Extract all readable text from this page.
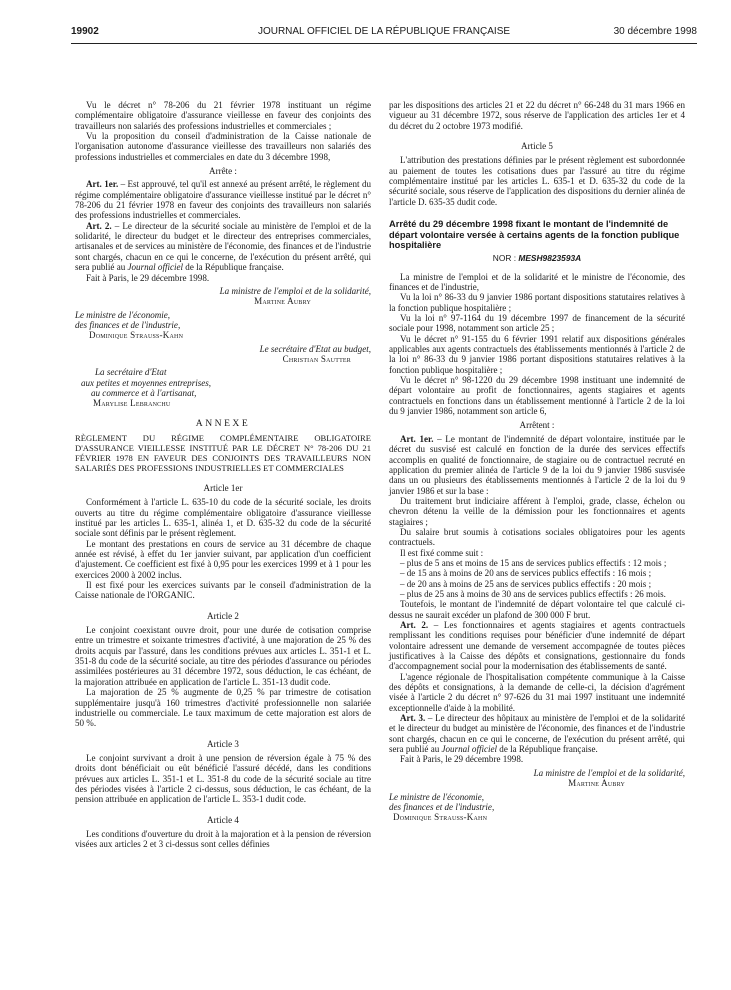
19902	JOURNAL OFFICIEL DE LA RÉPUBLIQUE FRANÇAISE	30 décembre 1998

Vu le décret n° 78-206 du 21 février 1978 instituant un régime complémentaire obligatoire d'assurance vieillesse en faveur des conjoints des travailleurs non salariés des professions industrielles et commerciales ;

Vu la proposition du conseil d'administration de la Caisse nationale de l'organisation autonome d'assurance vieillesse des travailleurs non salariés des professions industrielles et commerciales en date du 3 décembre 1998,

Arrête :

Art. 1er. – Est approuvé, tel qu'il est annexé au présent arrêté, le règlement du régime complémentaire obligatoire d'assurance vieillesse institué par le décret n° 78-206 du 21 février 1978 en faveur des conjoints des travailleurs non salariés des professions industrielles et commerciales.

Art. 2. – Le directeur de la sécurité sociale au ministère de l'emploi et de la solidarité, le directeur du budget et le directeur des entreprises commerciales, artisanales et de services au ministère de l'économie, des finances et de l'industrie sont chargés, chacun en ce qui le concerne, de l'exécution du présent arrêté, qui sera publié au Journal officiel de la République française.

Fait à Paris, le 29 décembre 1998.

La ministre de l'emploi et de la solidarité,

Martine Aubry

Le ministre de l'économie,

des finances et de l'industrie,

Dominique Strauss-Kahn

Le secrétaire d'Etat au budget,

Christian Sautter

La secrétaire d'Etat

aux petites et moyennes entreprises,

au commerce et à l'artisanat,

Marylise Lebranchu

ANNEXE

RÈGLEMENT DU RÉGIME COMPLÉMENTAIRE OBLIGATOIRE D'ASSURANCE VIEILLESSE INSTITUÉ PAR LE DÉCRET N° 78-206 DU 21 FÉVRIER 1978 EN FAVEUR DES CONJOINTS DES TRAVAILLEURS NON SALARIÉS DES PROFESSIONS INDUSTRIELLES ET COMMERCIALES

Article 1er

Conformément à l'article L. 635-10 du code de la sécurité sociale, les droits ouverts au titre du régime complémentaire obligatoire d'assurance vieillesse institué par les articles L. 635-1, alinéa 1, et D. 635-32 du code de la sécurité sociale sont définis par le présent règlement.

Le montant des prestations en cours de service au 31 décembre de chaque année est révisé, à effet du 1er janvier suivant, par application d'un coefficient d'ajustement. Ce coefficient est fixé à 0,95 pour les exercices 1999 et à 1 pour les exercices 2000 à 2002 inclus.

Il est fixé pour les exercices suivants par le conseil d'administration de la Caisse nationale de l'ORGANIC.

Article 2

Le conjoint coexistant ouvre droit, pour une durée de cotisation comprise entre un trimestre et soixante trimestres d'activité, à une majoration de 25 % des droits acquis par l'assuré, dans les conditions prévues aux articles L. 351-1 et L. 351-8 du code de la sécurité sociale, au titre des périodes d'assurance ou périodes assimilées postérieures au 31 décembre 1972, sous déduction, le cas échéant, de la majoration attribuée en application de l'article L. 351-13 dudit code.

La majoration de 25 % augmente de 0,25 % par trimestre de cotisation supplémentaire jusqu'à 160 trimestres d'activité professionnelle non salariée industrielle ou commerciale. Le taux maximum de cette majoration est alors de 50 %.

Article 3

Le conjoint survivant a droit à une pension de réversion égale à 75 % des droits dont bénéficiait ou eût bénéficié l'assuré décédé, dans les conditions prévues aux articles L. 351-1 et L. 351-8 du code de la sécurité sociale au titre des périodes visées à l'article 2 ci-dessus, sous déduction, le cas échéant, de la pension attribuée en application de l'article L. 353-1 dudit code.

Article 4

Les conditions d'ouverture du droit à la majoration et à la pension de réversion visées aux articles 2 et 3 ci-dessus sont celles définies

par les dispositions des articles 21 et 22 du décret n° 66-248 du 31 mars 1966 en vigueur au 31 décembre 1972, sous réserve de l'application des articles 1er et 4 du décret du 2 octobre 1973 modifié.

Article 5

L'attribution des prestations définies par le présent règlement est subordonnée au paiement de toutes les cotisations dues par l'assuré au titre du régime complémentaire institué par les articles L. 635-1 et D. 635-32 du code de la sécurité sociale, sous réserve de l'application des dispositions du dernier alinéa de l'article D. 635-35 dudit code.

Arrêté du 29 décembre 1998 fixant le montant de l'indemnité de départ volontaire versée à certains agents de la fonction publique hospitalière

NOR : MESH9823593A

La ministre de l'emploi et de la solidarité et le ministre de l'économie, des finances et de l'industrie,

Vu la loi n° 86-33 du 9 janvier 1986 portant dispositions statutaires relatives à la fonction publique hospitalière ;

Vu la loi n° 97-1164 du 19 décembre 1997 de financement de la sécurité sociale pour 1998, notamment son article 25 ;

Vu le décret n° 91-155 du 6 février 1991 relatif aux dispositions générales applicables aux agents contractuels des établissements mentionnés à l'article 2 de la loi n° 86-33 du 9 janvier 1986 portant dispositions statutaires relatives à la fonction publique hospitalière ;

Vu le décret n° 98-1220 du 29 décembre 1998 instituant une indemnité de départ volontaire au profit de fonctionnaires, agents stagiaires et agents contractuels en fonctions dans un établissement mentionné à l'article 2 de la loi du 9 janvier 1986, notamment son article 6,

Arrêtent :

Art. 1er. – Le montant de l'indemnité de départ volontaire, instituée par le décret du susvisé est calculé en fonction de la durée des services effectifs accomplis en qualité de fonctionnaire, de stagiaire ou de contractuel recruté en application du premier alinéa de l'article 9 de la loi du 9 janvier 1986 susvisée dans un ou plusieurs des établissements mentionnés à l'article 2 de la loi du 9 janvier 1986 et sur la base :

Du traitement brut indiciaire afférent à l'emploi, grade, classe, échelon ou chevron détenu la veille de la démission pour les fonctionnaires et agents stagiaires ;

Du salaire brut soumis à cotisations sociales obligatoires pour les agents contractuels.

Il est fixé comme suit :

– plus de 5 ans et moins de 15 ans de services publics effectifs : 12 mois ;

– de 15 ans à moins de 20 ans de services publics effectifs : 16 mois ;

– de 20 ans à moins de 25 ans de services publics effectifs : 20 mois ;

– plus de 25 ans à moins de 30 ans de services publics effectifs : 26 mois.

Toutefois, le montant de l'indemnité de départ volontaire tel que calculé ci-dessus ne saurait excéder un plafond de 300 000 F brut.

Art. 2. – Les fonctionnaires et agents stagiaires et agents contractuels remplissant les conditions requises pour bénéficier d'une indemnité de départ volontaire adressent une demande de versement accompagnée de toutes pièces justificatives à la Caisse des dépôts et consignations, gestionnaire du fonds d'accompagnement social pour la modernisation des établissements de santé.

L'agence régionale de l'hospitalisation compétente communique à la Caisse des dépôts et consignations, à la demande de celle-ci, la décision d'agrément visée à l'article 2 du décret n° 97-626 du 31 mai 1997 instituant une indemnité exceptionnelle d'aide à la mobilité.

Art. 3. – Le directeur des hôpitaux au ministère de l'emploi et de la solidarité et le directeur du budget au ministère de l'économie, des finances et de l'industrie sont chargés, chacun en ce qui le concerne, de l'exécution du présent arrêté, qui sera publié au Journal officiel de la République française.

Fait à Paris, le 29 décembre 1998.

La ministre de l'emploi et de la solidarité,

Martine Aubry

Le ministre de l'économie,

des finances et de l'industrie,

Dominique Strauss-Kahn
